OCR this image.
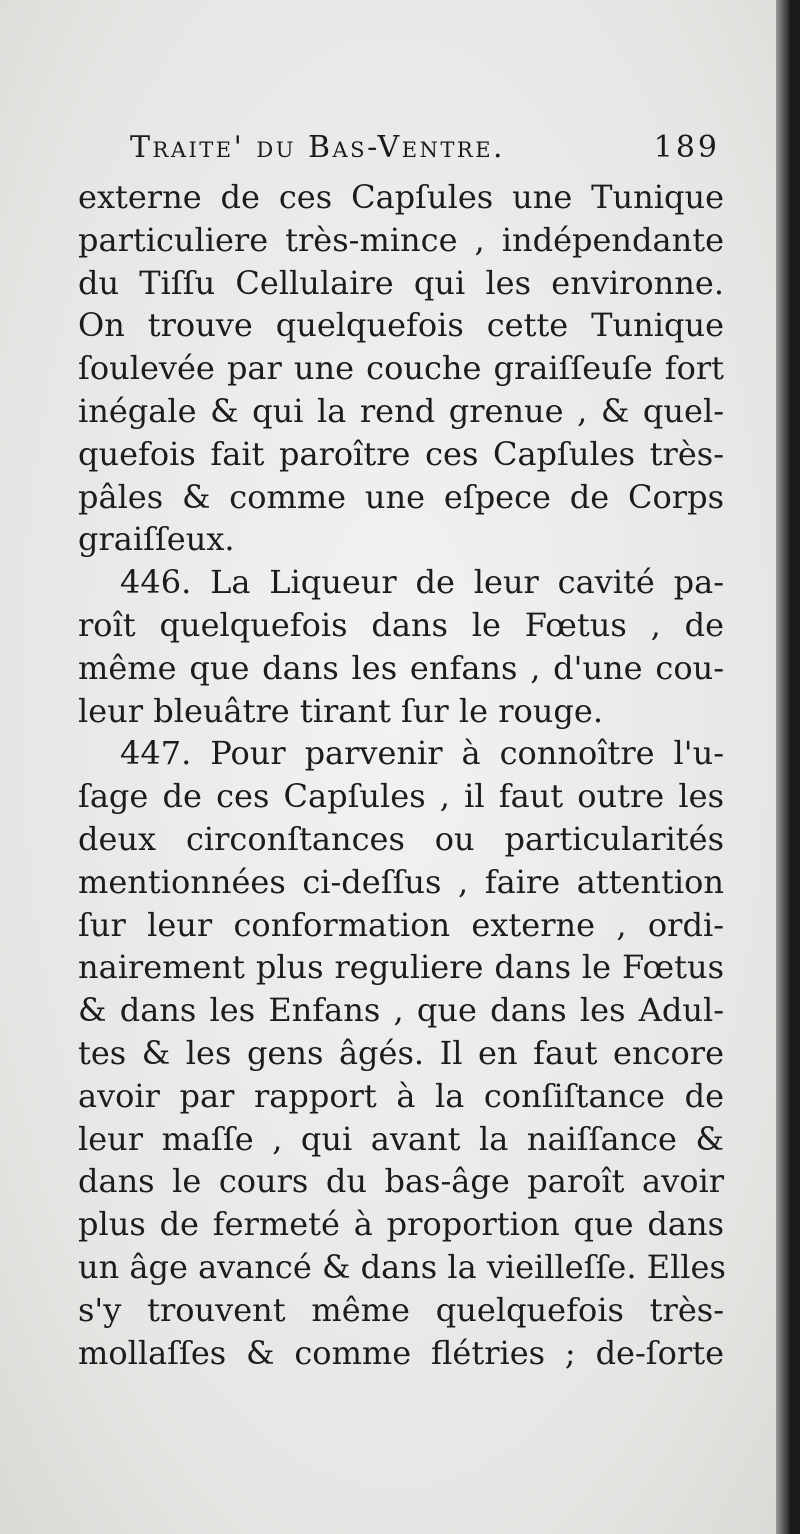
Traite' du Bas-Ventre.	189
externe de ces Capſules une Tunique
particuliere très-mince , indépendante
du Tiſſu Cellulaire qui les environne.
On trouve quelquefois cette Tunique
ſoulevée par une couche graiſſeuſe fort
inégale & qui la rend grenue , & quel-
quefois fait paroître ces Capſules très-
pâles & comme une eſpece de Corps
graiſſeux.
446. La Liqueur de leur cavité pa-
roît quelquefois dans le Fœtus , de
même que dans les enfans , d'une cou-
leur bleuâtre tirant ſur le rouge.
447. Pour parvenir à connoître l'u-
ſage de ces Capſules , il faut outre les
deux circonſtances ou particularités
mentionnées ci-deſſus , faire attention
ſur leur conformation externe , ordi-
nairement plus reguliere dans le Fœtus
& dans les Enfans , que dans les Adul-
tes & les gens âgés. Il en faut encore
avoir par rapport à la conſiſtance de
leur maſſe , qui avant la naiſſance &
dans le cours du bas-âge paroît avoir
plus de fermeté à proportion que dans
un âge avancé & dans la vieilleſſe. Elles
s'y trouvent même quelquefois très-
mollaſſes & comme flétries ; de-ſorte
